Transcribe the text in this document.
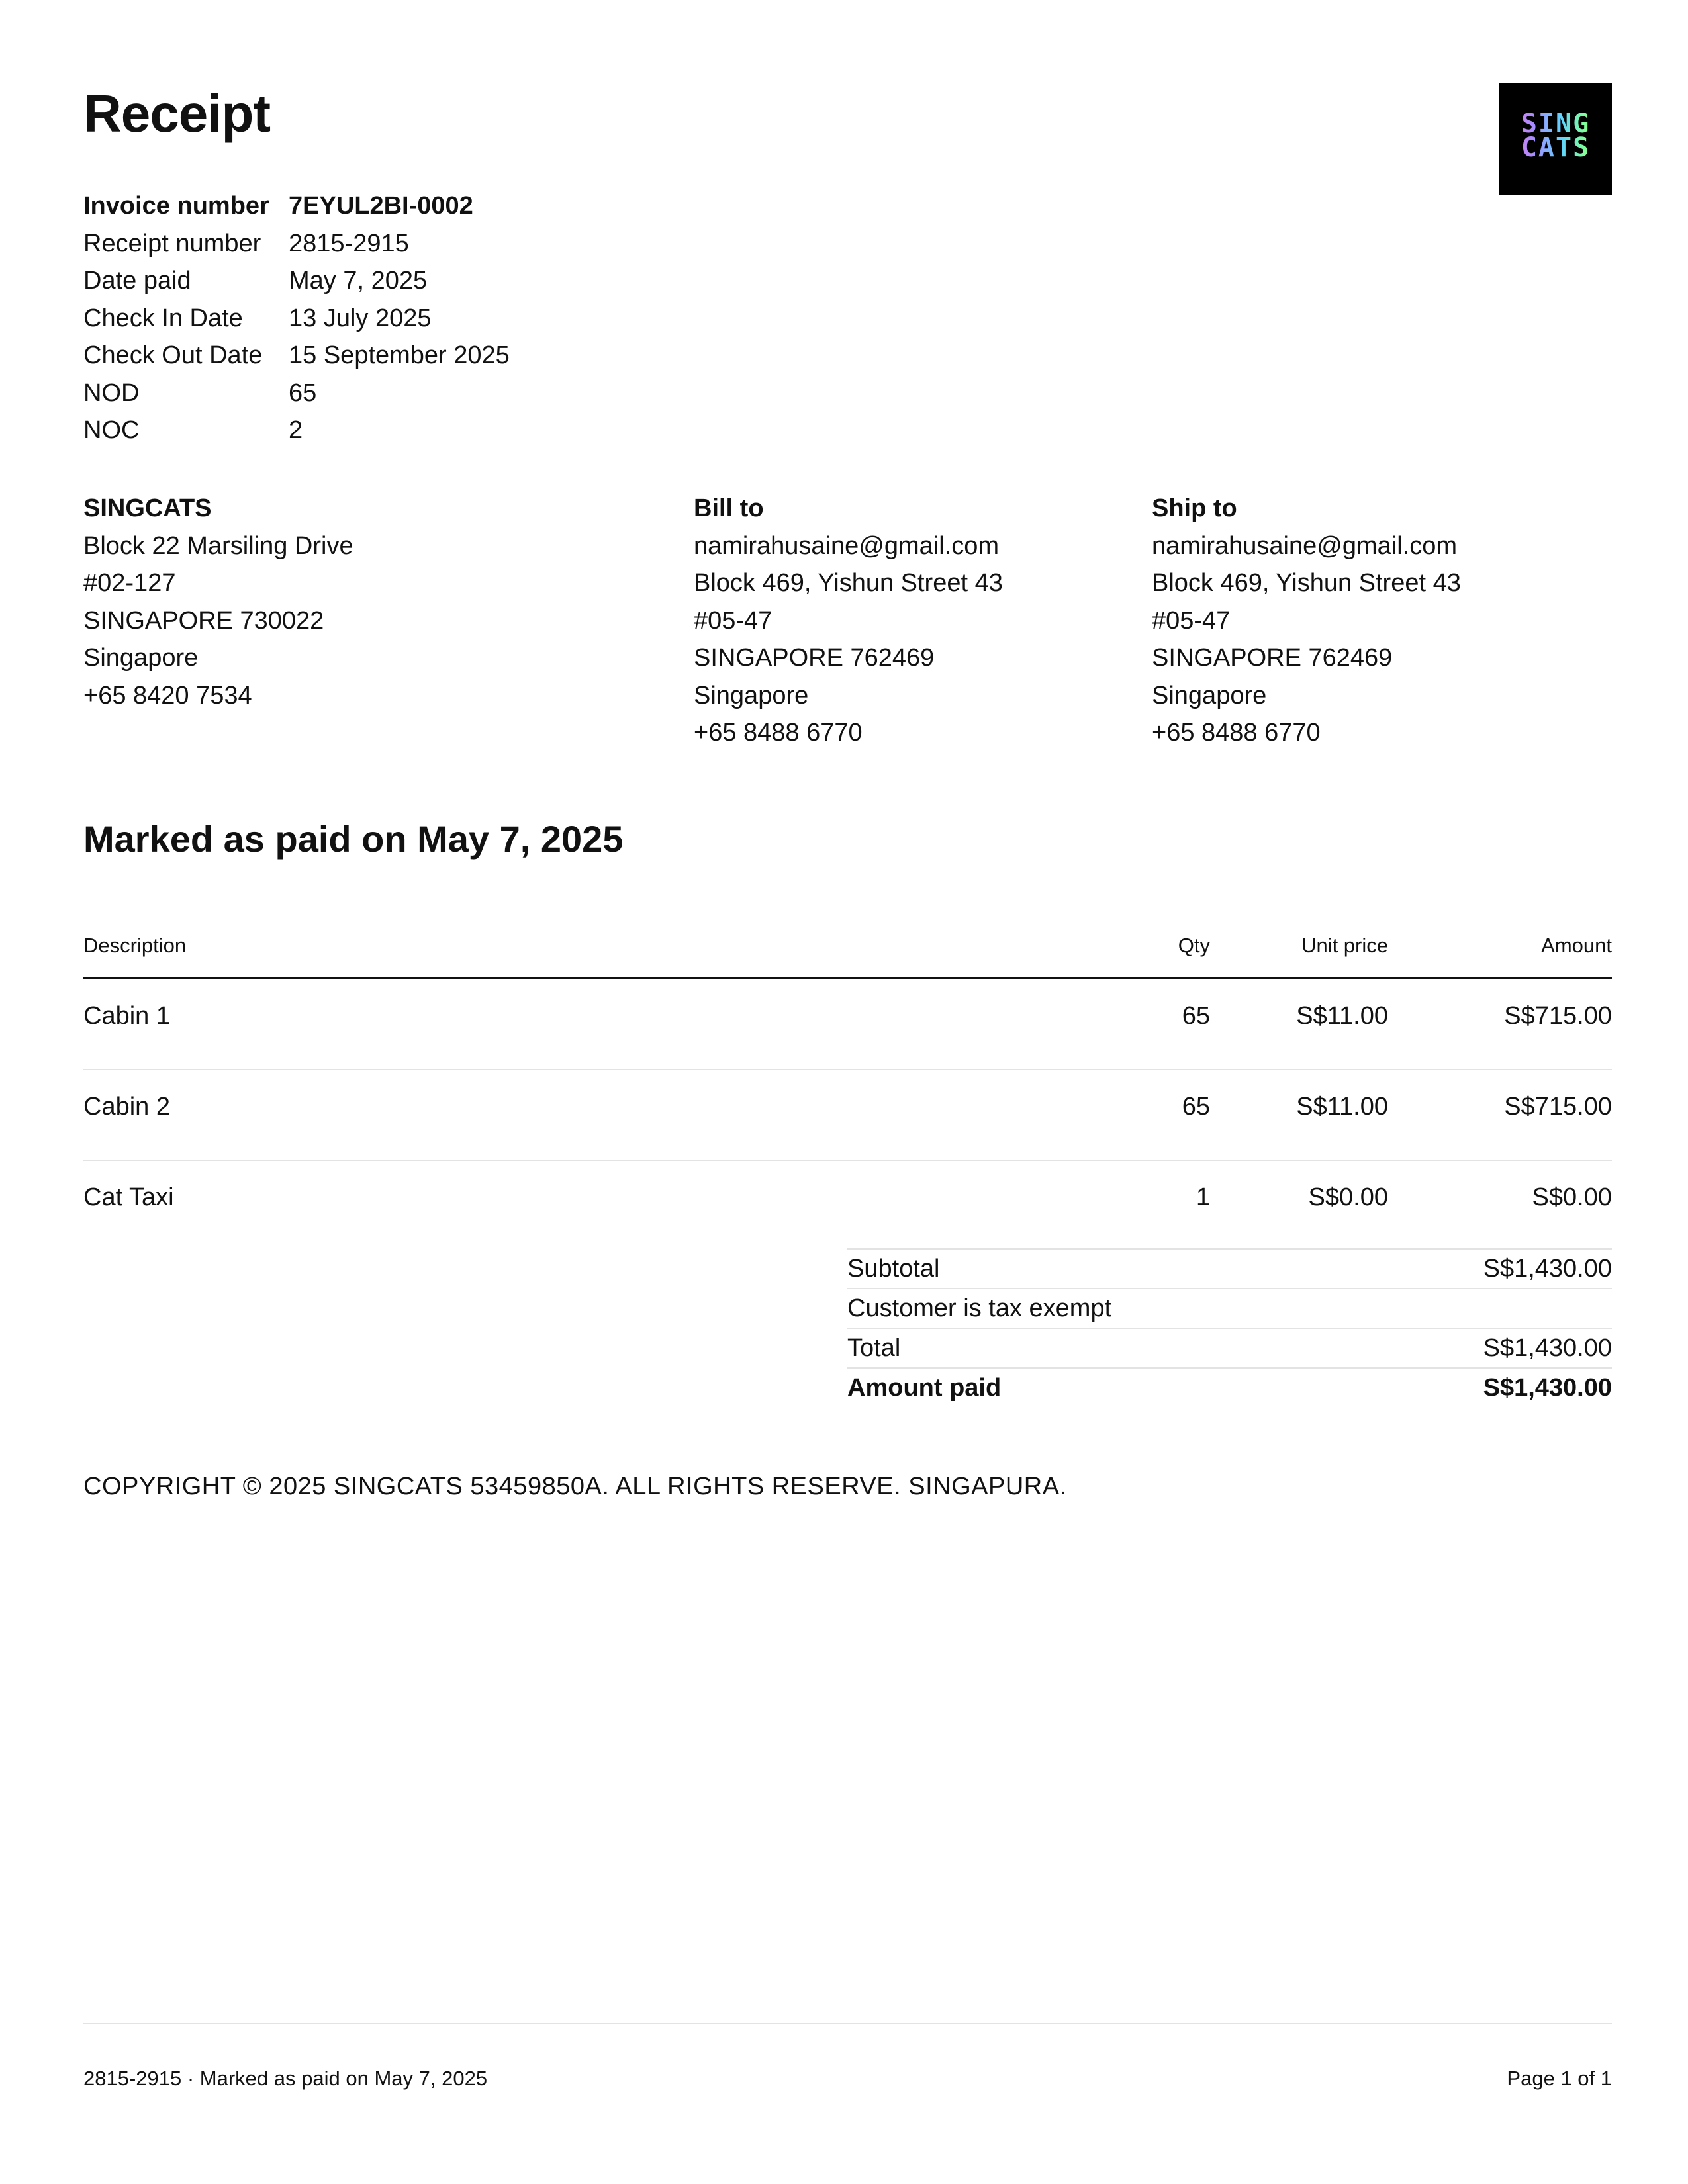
Receipt	SING
CATS
Invoice number 7EYUL2BI-0002
Receipt number	2815-2915
Date paid	May 7, 2025
Check In Date	13 July 2025
Check Out Date	15 September 2025
NOD	65
NOC	2
SINGCATS
Block 22 Marsiling Drive
#02-127
SINGAPORE 730022
Singapore
+65 8420 7534
Bill to
namirahusaine@gmail.com
Block 469, Yishun Street 43
#05-47
SINGAPORE 762469
Singapore
+65 8488 6770
Ship to
namirahusaine@gmail.com
Block 469, Yishun Street 43
#05-47
SINGAPORE 762469
Singapore
+65 8488 6770
Marked as paid on May 7, 2025
Description	Qty	Unit price	Amount
Cabin 1	65	S$11.00	S$715.00
Cabin 2	65	S$11.00	S$715.00
Cat Taxi	1	S$0.00	S$0.00
Subtotal	S$1,430.00
Customer is tax exempt
Total	S$1,430.00
Amount paid	S$1,430.00
COPYRIGHT © 2025 SINGCATS 53459850A. ALL RIGHTS RESERVE. SINGAPURA.
2815-2915 · Marked as paid on May 7, 2025	Page 1 of 1
